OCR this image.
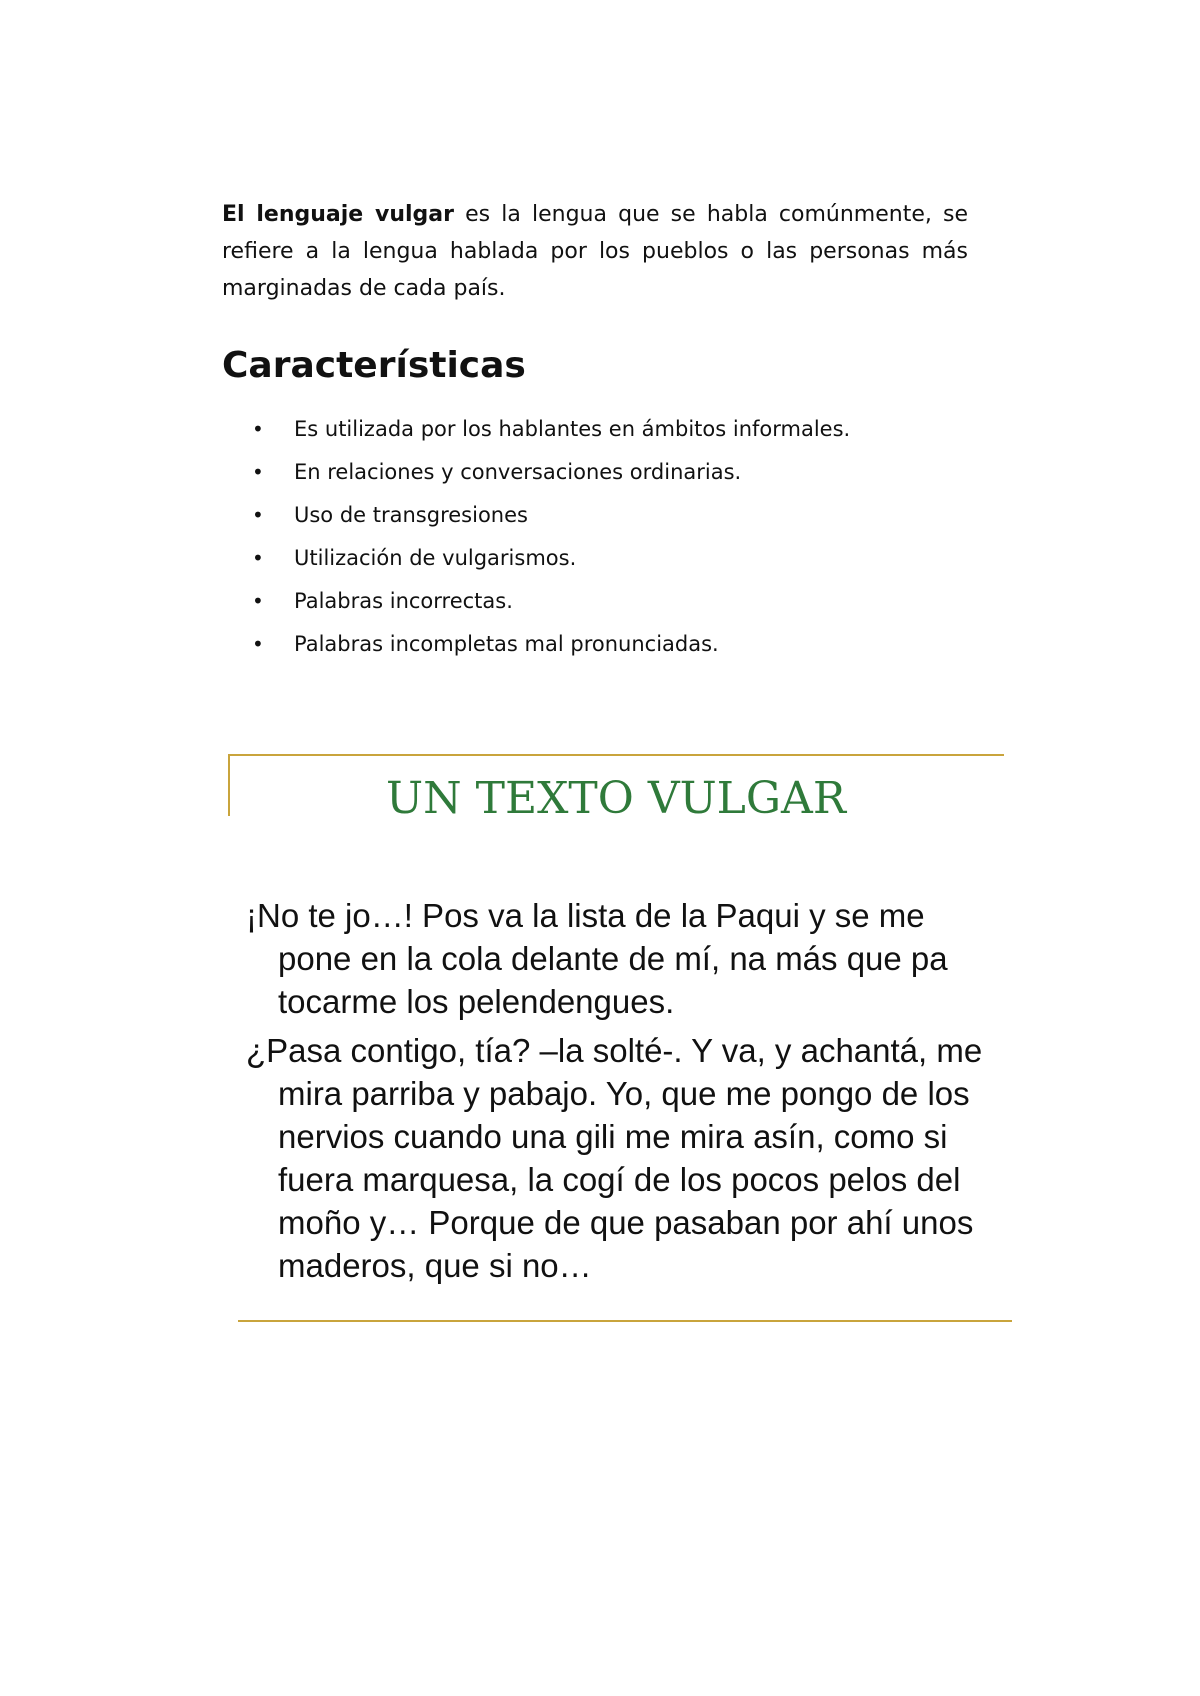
El lenguaje vulgar es la lengua que se habla comúnmente, se refiere a la lengua hablada por los pueblos o las personas más marginadas de cada país.

Características
•	Es utilizada por los hablantes en ámbitos informales.
•	En relaciones y conversaciones ordinarias.
•	Uso de transgresiones
•	Utilización de vulgarismos.
•	Palabras incorrectas.
•	Palabras incompletas mal pronunciadas.
UN TEXTO VULGAR

¡No te jo…! Pos va la lista de la Paqui y se me pone en la cola delante de mí, na más que pa tocarme los pelendengues.

¿Pasa contigo, tía? –la solté-. Y va, y achantá, me mira parriba y pabajo. Yo, que me pongo de los nervios cuando una gili me mira asín, como si fuera marquesa, la cogí de los pocos pelos del moño y… Porque de que pasaban por ahí unos maderos, que si no…
